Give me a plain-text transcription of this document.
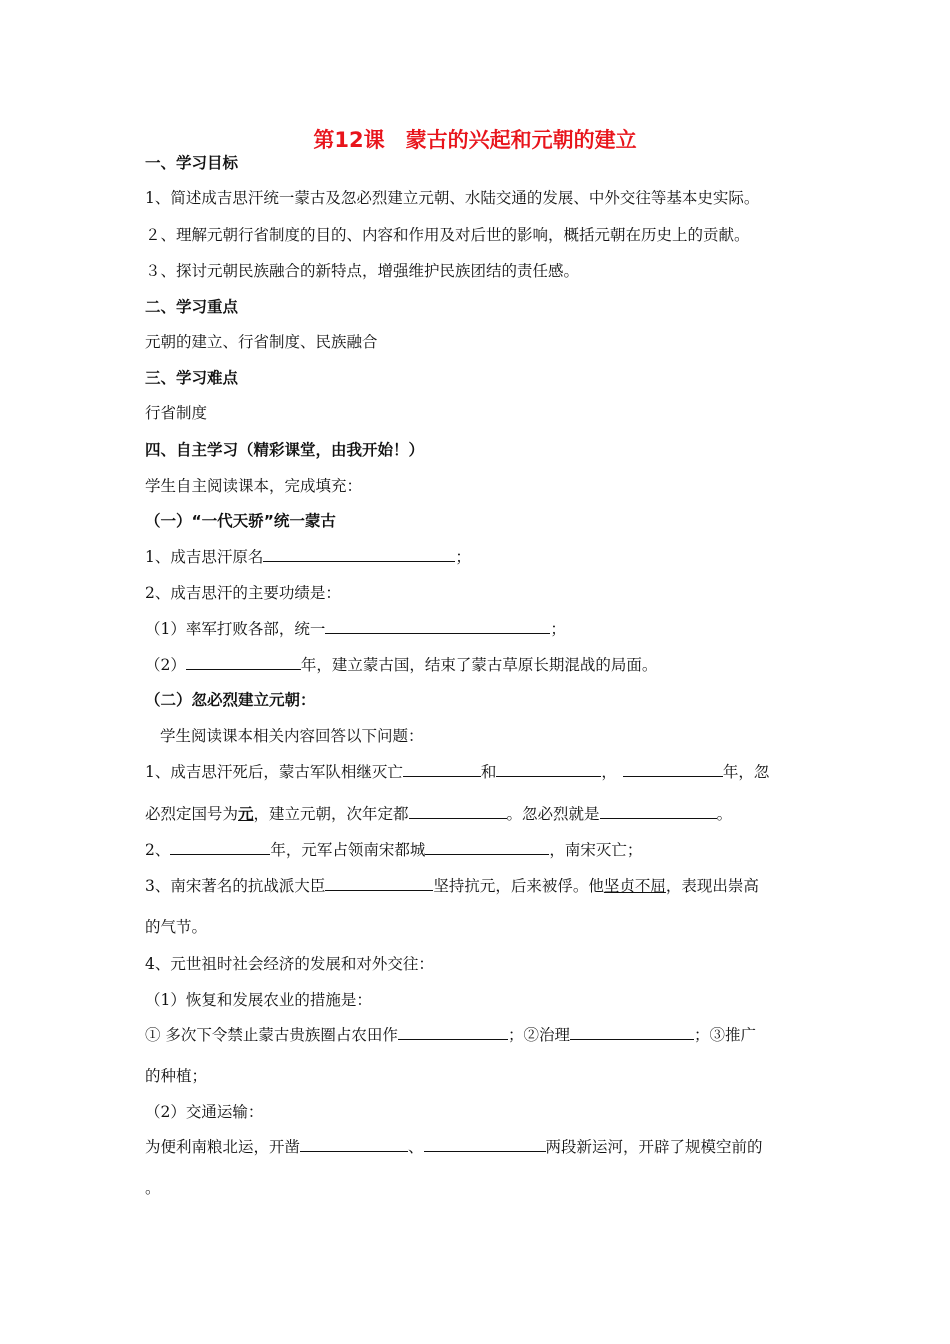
第12课　蒙古的兴起和元朝的建立
一、学习目标
1、简述成吉思汗统一蒙古及忽必烈建立元朝、水陆交通的发展、中外交往等基本史实际。
２、理解元朝行省制度的目的、内容和作用及对后世的影响，概括元朝在历史上的贡献。
３、探讨元朝民族融合的新特点，增强维护民族团结的责任感。
二、学习重点
元朝的建立、行省制度、民族融合
三、学习难点
行省制度
四、自主学习（精彩课堂，由我开始！）
学生自主阅读课本，完成填充：
（一）“一代天骄”统一蒙古
1、成吉思汗原名	；
2、成吉思汗的主要功绩是：
（1）率军打败各部，统一	；
（2）	年，建立蒙古国，结束了蒙古草原长期混战的局面。
（二）忽必烈建立元朝：
学生阅读课本相关内容回答以下问题：
1、成吉思汗死后，蒙古军队相继灭亡	和	，	年，忽
必烈定国号为元，建立元朝，次年定都	。忽必烈就是	。
2、	年，元军占领南宋都城	，南宋灭亡；
3、南宋著名的抗战派大臣	坚持抗元，后来被俘。他坚贞不屈，表现出崇高
的气节。
4、元世祖时社会经济的发展和对外交往：
（1）恢复和发展农业的措施是：
① 多次下令禁止蒙古贵族圈占农田作	；②治理	；③推广
的种植；
（2）交通运输：
为便利南粮北运，开凿	、	两段新运河，开辟了规模空前的
。
